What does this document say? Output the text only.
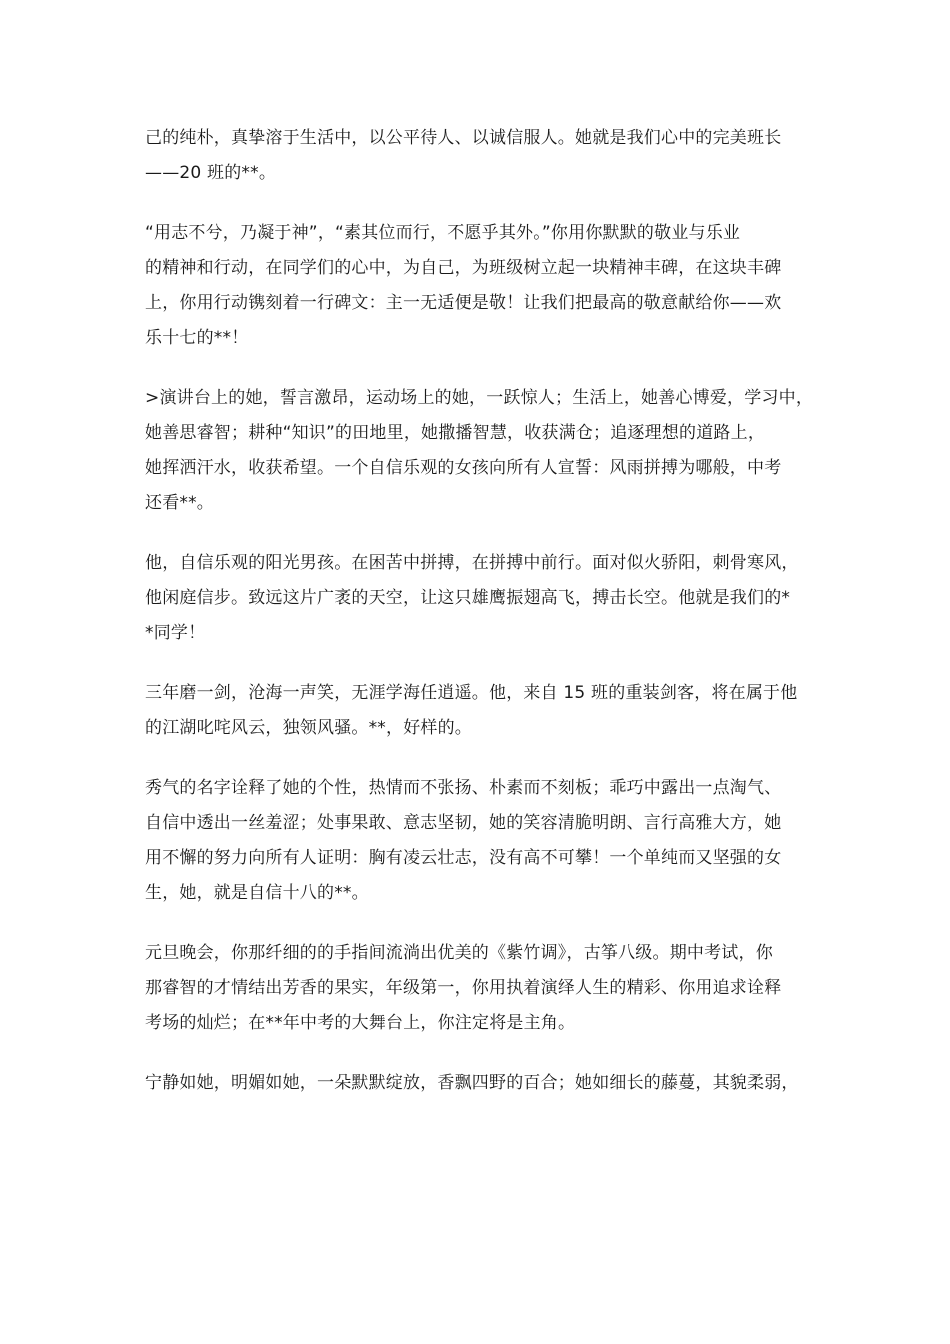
己的纯朴，真挚溶于生活中，以公平待人、以诚信服人。她就是我们心中的完美班长
——20 班的**。
“用志不兮，乃凝于神”，“素其位而行，不愿乎其外。”你用你默默的敬业与乐业
的精神和行动，在同学们的心中，为自己，为班级树立起一块精神丰碑，在这块丰碑
上，你用行动镌刻着一行碑文：主一无适便是敬！让我们把最高的敬意献给你——欢
乐十七的**！
>演讲台上的她，誓言激昂，运动场上的她，一跃惊人；生活上，她善心博爱，学习中，
她善思睿智；耕种“知识”的田地里，她撒播智慧，收获满仓；追逐理想的道路上，
她挥洒汗水，收获希望。一个自信乐观的女孩向所有人宣誓：风雨拼搏为哪般，中考
还看**。
他，自信乐观的阳光男孩。在困苦中拼搏，在拼搏中前行。面对似火骄阳，刺骨寒风，
他闲庭信步。致远这片广袤的天空，让这只雄鹰振翅高飞，搏击长空。他就是我们的*
*同学！
三年磨一剑，沧海一声笑，无涯学海任逍遥。他，来自 15 班的重装剑客，将在属于他
的江湖叱咤风云，独领风骚。**，好样的。
秀气的名字诠释了她的个性，热情而不张扬、朴素而不刻板；乖巧中露出一点淘气、
自信中透出一丝羞涩；处事果敢、意志坚韧，她的笑容清脆明朗、言行高雅大方，她
用不懈的努力向所有人证明：胸有凌云壮志，没有高不可攀！一个单纯而又坚强的女
生，她，就是自信十八的**。
元旦晚会，你那纤细的的手指间流淌出优美的《紫竹调》，古筝八级。期中考试，你
那睿智的才情结出芳香的果实，年级第一，你用执着演绎人生的精彩、你用追求诠释
考场的灿烂；在**年中考的大舞台上，你注定将是主角。
宁静如她，明媚如她，一朵默默绽放，香飘四野的百合；她如细长的藤蔓，其貌柔弱，
